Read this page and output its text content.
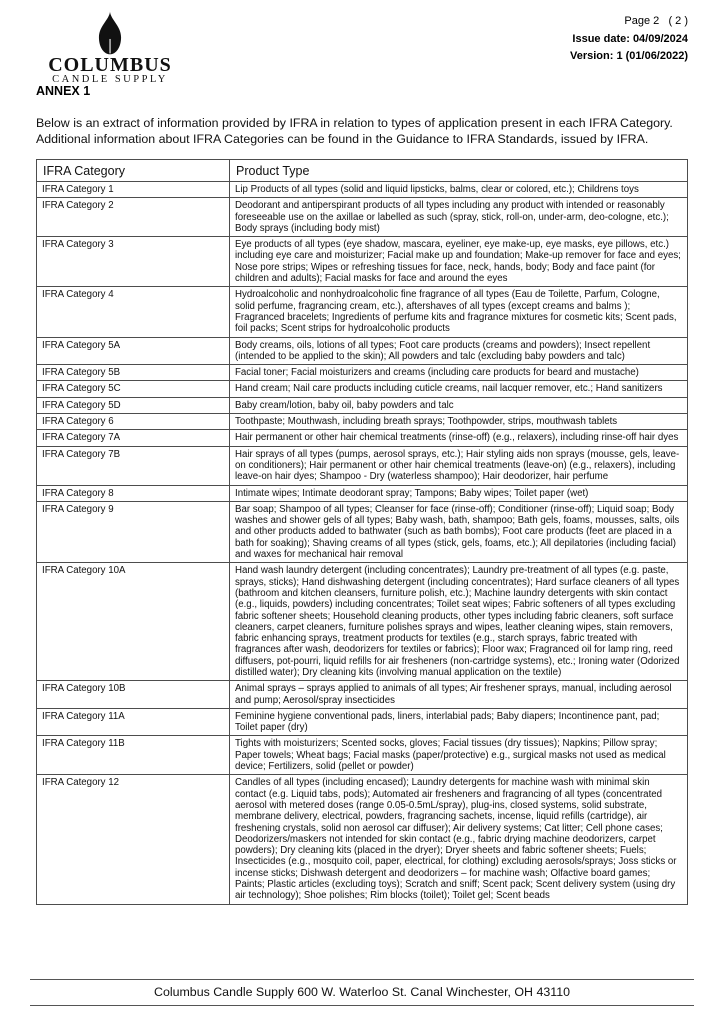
COLUMBUS
CANDLE SUPPLY
Page 2   ( 2 )
Issue date: 04/09/2024
Version: 1 (01/06/2022)
ANNEX 1

Below is an extract of information provided by IFRA in relation to types of application present in each IFRA Category. Additional information about IFRA Categories can be found in the Guidance to IFRA Standards, issued by IFRA.

IFRA Category	Product Type
IFRA Category 1	Lip Products of all types (solid and liquid lipsticks, balms, clear or colored, etc.); Childrens toys
IFRA Category 2	Deodorant and antiperspirant products of all types including any product with intended or reasonably foreseeable use on the axillae or labelled as such (spray, stick, roll-on, under-arm, deo-cologne, etc.); Body sprays (including body mist)
IFRA Category 3	Eye products of all types (eye shadow, mascara, eyeliner, eye make-up, eye masks, eye pillows, etc.) including eye care and moisturizer; Facial make up and foundation; Make-up remover for face and eyes; Nose pore strips; Wipes or refreshing tissues for face, neck, hands, body; Body and face paint (for children and adults); Facial masks for face and around the eyes
IFRA Category 4	Hydroalcoholic and nonhydroalcoholic fine fragrance of all types (Eau de Toilette, Parfum, Cologne, solid perfume, fragrancing cream, etc.), aftershaves of all types (except creams and balms ); Fragranced bracelets; Ingredients of perfume kits and fragrance mixtures for cosmetic kits; Scent pads, foil packs; Scent strips for hydroalcoholic products
IFRA Category 5A	Body creams, oils, lotions of all types; Foot care products (creams and powders); Insect repellent (intended to be applied to the skin); All powders and talc (excluding baby powders and talc)
IFRA Category 5B	Facial toner; Facial moisturizers and creams (including care products for beard and mustache)
IFRA Category 5C	Hand cream; Nail care products including cuticle creams, nail lacquer remover, etc.; Hand sanitizers
IFRA Category 5D	Baby cream/lotion, baby oil, baby powders and talc
IFRA Category 6	Toothpaste; Mouthwash, including breath sprays; Toothpowder, strips, mouthwash tablets
IFRA Category 7A	Hair permanent or other hair chemical treatments (rinse-off) (e.g., relaxers), including rinse-off hair dyes
IFRA Category 7B	Hair sprays of all types (pumps, aerosol sprays, etc.); Hair styling aids non sprays (mousse, gels, leave-on conditioners); Hair permanent or other hair chemical treatments (leave-on) (e.g., relaxers), including leave-on hair dyes; Shampoo - Dry (waterless shampoo); Hair deodorizer, hair perfume
IFRA Category 8	Intimate wipes; Intimate deodorant spray; Tampons; Baby wipes; Toilet paper (wet)
IFRA Category 9	Bar soap; Shampoo of all types; Cleanser for face (rinse-off); Conditioner (rinse-off); Liquid soap; Body washes and shower gels of all types; Baby wash, bath, shampoo; Bath gels, foams, mousses, salts, oils and other products added to bathwater (such as bath bombs); Foot care products (feet are placed in a bath for soaking); Shaving creams of all types (stick, gels, foams, etc.); All depilatories (including facial) and waxes for mechanical hair removal
IFRA Category 10A	Hand wash laundry detergent (including concentrates); Laundry pre-treatment of all types (e.g. paste, sprays, sticks); Hand dishwashing detergent (including concentrates); Hard surface cleaners of all types (bathroom and kitchen cleansers, furniture polish, etc.); Machine laundry detergents with skin contact (e.g., liquids, powders) including concentrates; Toilet seat wipes; Fabric softeners of all types excluding fabric softener sheets; Household cleaning products, other types including fabric cleaners, soft surface cleaners, carpet cleaners, furniture polishes sprays and wipes, leather cleaning wipes, stain removers, fabric enhancing sprays, treatment products for textiles (e.g., starch sprays, fabric treated with fragrances after wash, deodorizers for textiles or fabrics); Floor wax; Fragranced oil for lamp ring, reed diffusers, pot-pourri, liquid refills for air fresheners (non-cartridge systems), etc.; Ironing water (Odorized distilled water); Dry cleaning kits (involving manual application on the textile)
IFRA Category 10B	Animal sprays – sprays applied to animals of all types; Air freshener sprays, manual, including aerosol and pump; Aerosol/spray insecticides
IFRA Category 11A	Feminine hygiene conventional pads, liners, interlabial pads; Baby diapers; Incontinence pant, pad; Toilet paper (dry)
IFRA Category 11B	Tights with moisturizers; Scented socks, gloves; Facial tissues (dry tissues); Napkins; Pillow spray; Paper towels; Wheat bags; Facial masks (paper/protective) e.g., surgical masks not used as medical device; Fertilizers, solid (pellet or powder)
IFRA Category 12	Candles of all types (including encased); Laundry detergents for machine wash with minimal skin contact (e.g. Liquid tabs, pods); Automated air fresheners and fragrancing of all types (concentrated aerosol with metered doses (range 0.05-0.5mL/spray), plug-ins, closed systems, solid substrate, membrane delivery, electrical, powders, fragrancing sachets, incense, liquid refills (cartridge), air freshening crystals, solid non aerosol car diffuser); Air delivery systems; Cat litter; Cell phone cases; Deodorizers/maskers not intended for skin contact (e.g., fabric drying machine deodorizers, carpet powders); Dry cleaning kits (placed in the dryer); Dryer sheets and fabric softener sheets; Fuels; Insecticides (e.g., mosquito coil, paper, electrical, for clothing) excluding aerosols/sprays; Joss sticks or incense sticks; Dishwash detergent and deodorizers – for machine wash; Olfactive board games; Paints; Plastic articles (excluding toys); Scratch and sniff; Scent pack; Scent delivery system (using dry air technology); Shoe polishes; Rim blocks (toilet); Toilet gel; Scent beads
Columbus Candle Supply 600 W. Waterloo St. Canal Winchester, OH 43110
